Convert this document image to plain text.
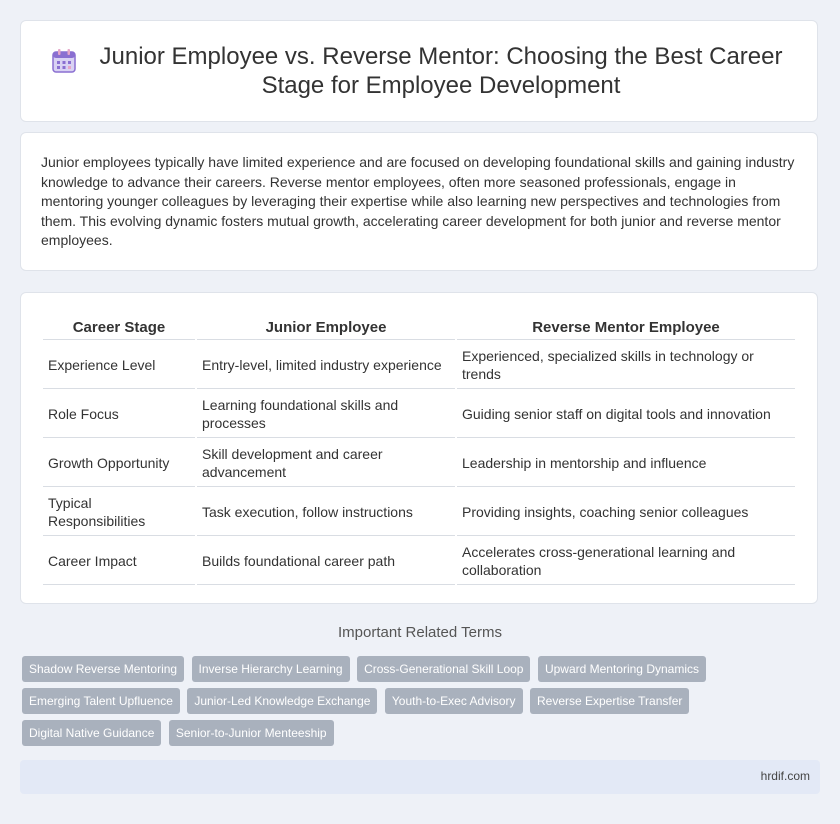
Junior Employee vs. Reverse Mentor: Choosing the Best Career Stage for Employee Development

Junior employees typically have limited experience and are focused on developing foundational skills and gaining industry knowledge to advance their careers. Reverse mentor employees, often more seasoned professionals, engage in mentoring younger colleagues by leveraging their expertise while also learning new perspectives and technologies from them. This evolving dynamic fosters mutual growth, accelerating career development for both junior and reverse mentor employees.

Career Stage	Junior Employee	Reverse Mentor Employee
Experience Level	Entry-level, limited industry experience	Experienced, specialized skills in technology or trends
Role Focus	Learning foundational skills and processes	Guiding senior staff on digital tools and innovation
Growth Opportunity	Skill development and career advancement	Leadership in mentorship and influence
Typical Responsibilities	Task execution, follow instructions	Providing insights, coaching senior colleagues
Career Impact	Builds foundational career path	Accelerates cross-generational learning and collaboration
Important Related Terms
Shadow Reverse Mentoring Inverse Hierarchy Learning Cross-Generational Skill Loop Upward Mentoring Dynamics Emerging Talent Upfluence Junior-Led Knowledge Exchange Youth-to-Exec Advisory Reverse Expertise Transfer Digital Native Guidance Senior-to-Junior Menteeship
hrdif.com
